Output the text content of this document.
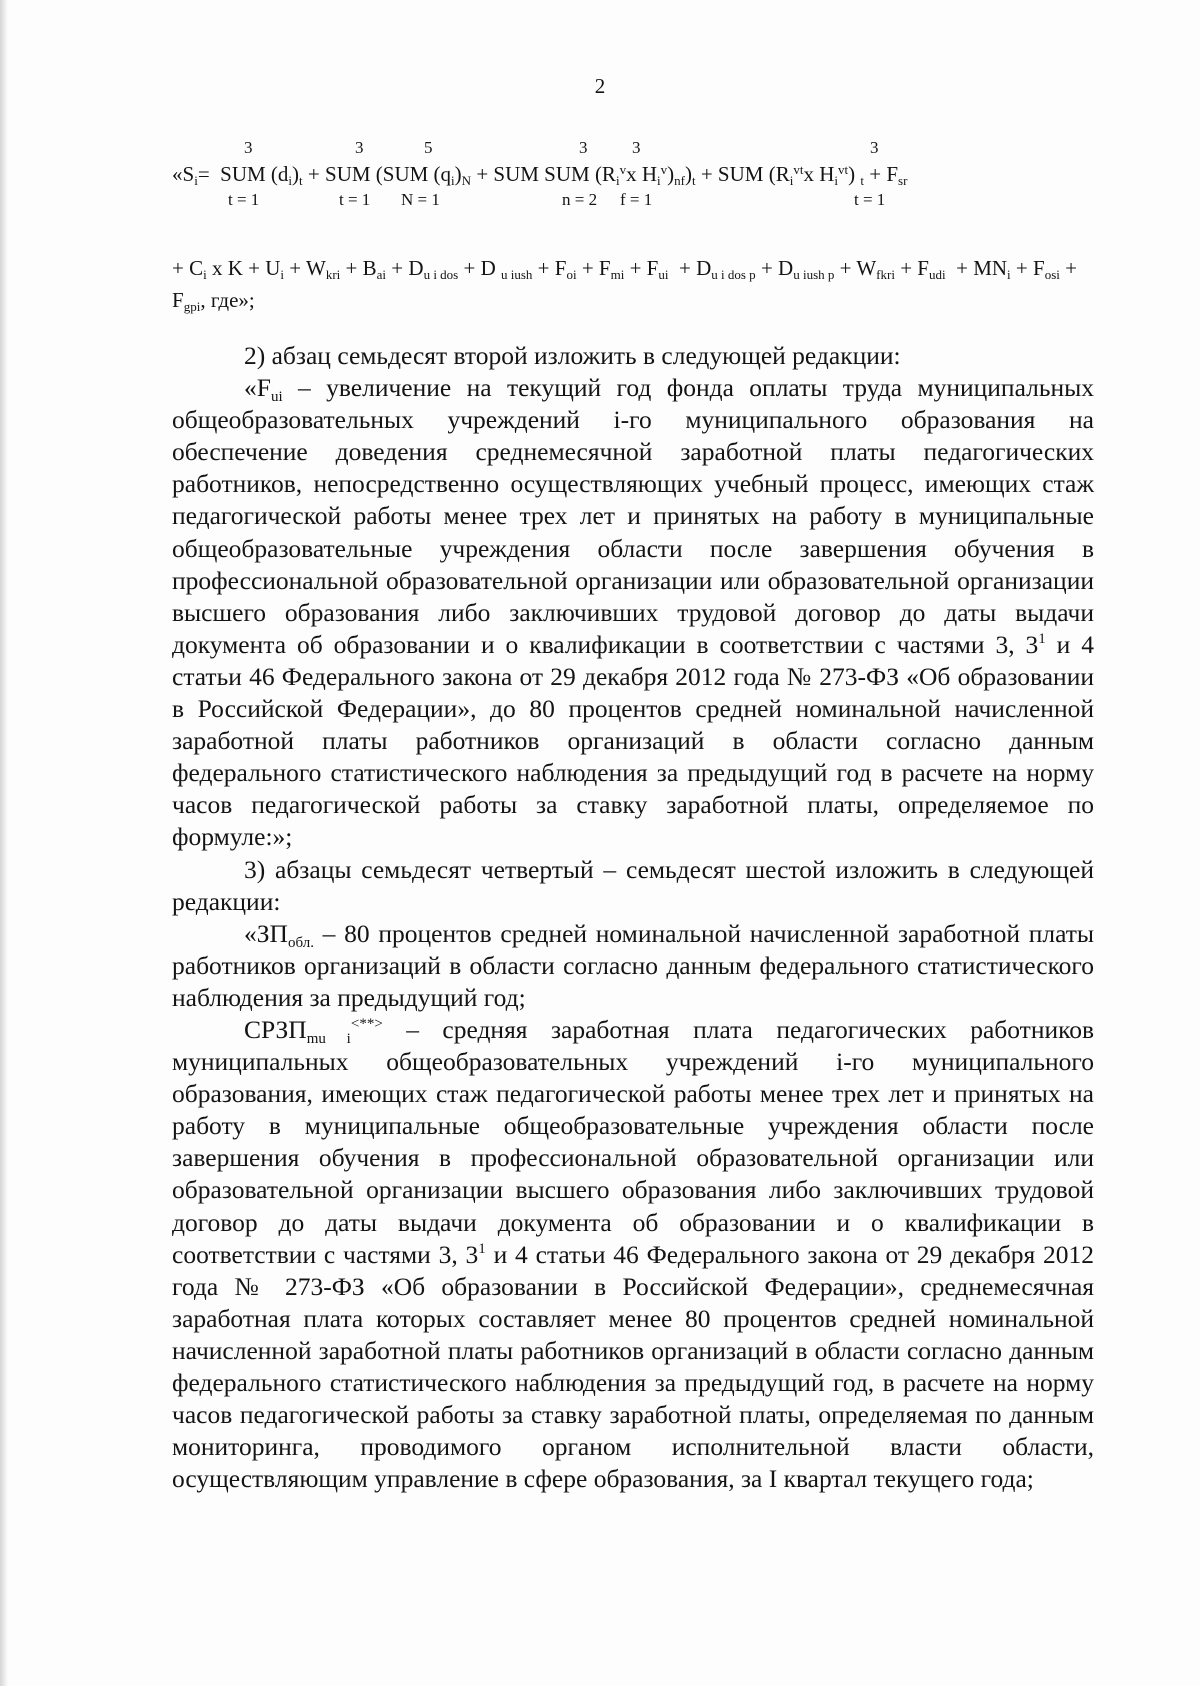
2
3	3	5	3	3	3
«$S_i=$  SUM $(d_i)_t$ + SUM (SUM $(q_i)_N$ + SUM SUM ($R_i^vx$ $H_i^v)_{nf})_t$ + SUM ($R_i^{vt}x$ $H_i^{vt}$) $_t + F_{sr}$
t = 1	t = 1 N = 1	n = 2 f = 1	t = 1
+ $C_i$ x $K + U_i + W_{kri} + B_{ai} + D_{u i dos} + D$ $_{u iush} + F_{oi} + F_{mi} + F_{ui} + D_{u i dos p} + D_{u iush p} + W_{fkri} + F_{udi} + MN_i + F_{osi} + F_{gpi}$, где»;

2) абзац семьдесят второй изложить в следующей редакции:

«$F_{ui}$ – увеличение на текущий год фонда оплаты труда муниципальных общеобразовательных учреждений i-го муниципального образования на обеспечение доведения среднемесячной заработной платы педагогических работников, непосредственно осуществляющих учебный процесс, имеющих стаж педагогической работы менее трех лет и принятых на работу в муниципальные общеобразовательные учреждения области после завершения обучения в профессиональной образовательной организации или образовательной организации высшего образования либо заключивших трудовой договор до даты выдачи документа об образовании и о квалификации в соответствии с частями 3, $3^1$ и 4 статьи 46 Федерального закона от 29 декабря 2012 года № 273-ФЗ «Об образовании в Российской Федерации», до 80 процентов средней номинальной начисленной заработной платы работников организаций в области согласно данным федерального статистического наблюдения за предыдущий год в расчете на норму часов педагогической работы за ставку заработной платы, определяемое по формуле:»;

3) абзацы семьдесят четвертый – семьдесят шестой изложить в следующей редакции:

«$ЗП_{обл.} - 80$ процентов средней номинальной начисленной заработной платы работников организаций в области согласно данным федерального статистического наблюдения за предыдущий год;

$СРЗП_{mu i}^{<**>}$ – средняя заработная плата педагогических работников муниципальных общеобразовательных учреждений i-го муниципального образования, имеющих стаж педагогической работы менее трех лет и принятых на работу в муниципальные общеобразовательные учреждения области после завершения обучения в профессиональной образовательной организации или образовательной организации высшего образования либо заключивших трудовой договор до даты выдачи документа об образовании и о квалификации в соответствии с частями 3, $3^1$ и 4 статьи 46 Федерального закона от 29 декабря 2012 года № 273-ФЗ «Об образовании в Российской Федерации», среднемесячная заработная плата которых составляет менее 80 процентов средней номинальной начисленной заработной платы работников организаций в области согласно данным федерального статистического наблюдения за предыдущий год, в расчете на норму часов педагогической работы за ставку заработной платы, определяемая по данным мониторинга, проводимого органом исполнительной власти области, осуществляющим управление в сфере образования, за I квартал текущего года;
